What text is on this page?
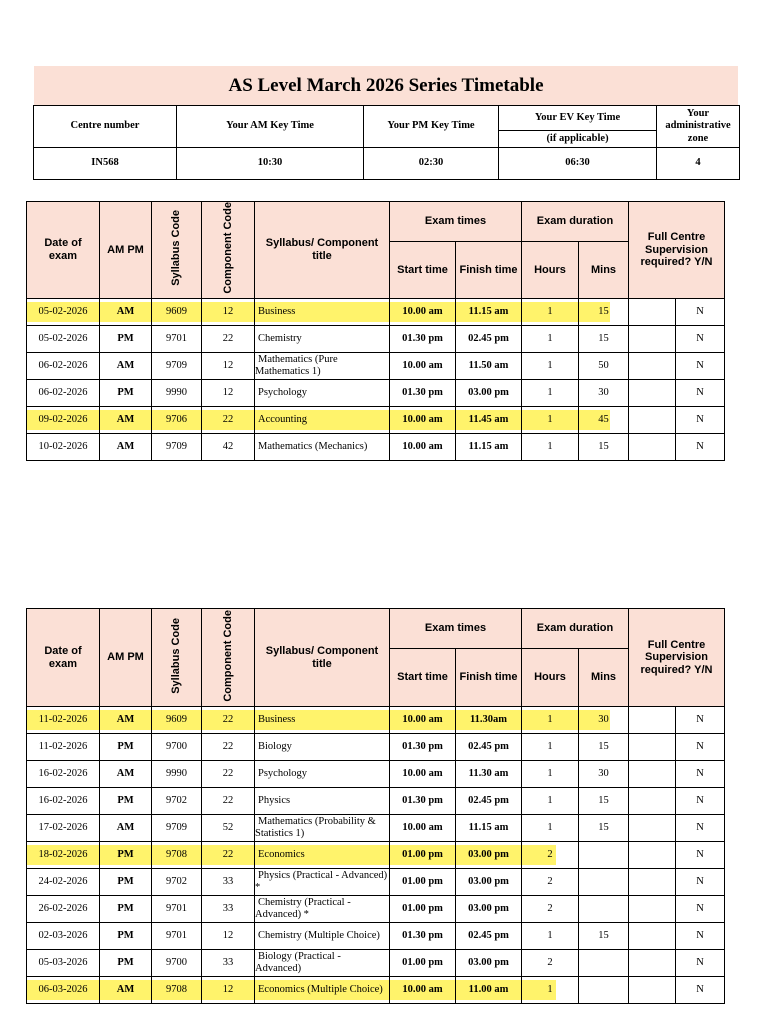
AS Level March 2026 Series Timetable
Centre number	Your AM Key Time	Your PM Key Time	Your EV Key Time	Your administrative zone
			(if applicable)	
IN568	10:30	02:30	06:30	4
Date of exam	AM PM	Syllabus Code	Component Code	Syllabus/ Component title	Exam times		Exam duration		Full Centre Supervision required? Y/N	
					Start time	Finish time	Hours	Mins		

05-02-2026	AM	9609	12	Business	10.00 am	11.15 am	1	15		N
05-02-2026	PM	9701	22	Chemistry	01.30 pm	02.45 pm	1	15		N
06-02-2026	AM	9709	12	Mathematics (Pure Mathematics 1)	10.00 am	11.50 am	1	50		N
06-02-2026	PM	9990	12	Psychology	01.30 pm	03.00 pm	1	30		N

09-02-2026	AM	9706	22	Accounting	10.00 am	11.45 am	1	45		N
10-02-2026	AM	9709	42	Mathematics (Mechanics)	10.00 am	11.15 am	1	15		N
Date of exam	AM PM	Syllabus Code	Component Code	Syllabus/ Component title	Exam times		Exam duration		Full Centre Supervision required? Y/N	
					Start time	Finish time	Hours	Mins		

11-02-2026	AM	9609	22	Business	10.00 am	11.30am	1	30		N
11-02-2026	PM	9700	22	Biology	01.30 pm	02.45 pm	1	15		N
16-02-2026	AM	9990	22	Psychology	10.00 am	11.30 am	1	30		N
16-02-2026	PM	9702	22	Physics	01.30 pm	02.45 pm	1	15		N
17-02-2026	AM	9709	52	Mathematics (Probability & Statistics 1)	10.00 am	11.15 am	1	15		N

18-02-2026	PM	9708	22	Economics	01.00 pm	03.00 pm	2			N
24-02-2026	PM	9702	33	Physics (Practical - Advanced) *	01.00 pm	03.00 pm	2			N
26-02-2026	PM	9701	33	Chemistry (Practical - Advanced) *	01.00 pm	03.00 pm	2			N
02-03-2026	PM	9701	12	Chemistry (Multiple Choice)	01.30 pm	02.45 pm	1	15		N
05-03-2026	PM	9700	33	Biology (Practical - Advanced)	01.00 pm	03.00 pm	2			N

06-03-2026	AM	9708	12	Economics (Multiple Choice)	10.00 am	11.00 am	1			N
